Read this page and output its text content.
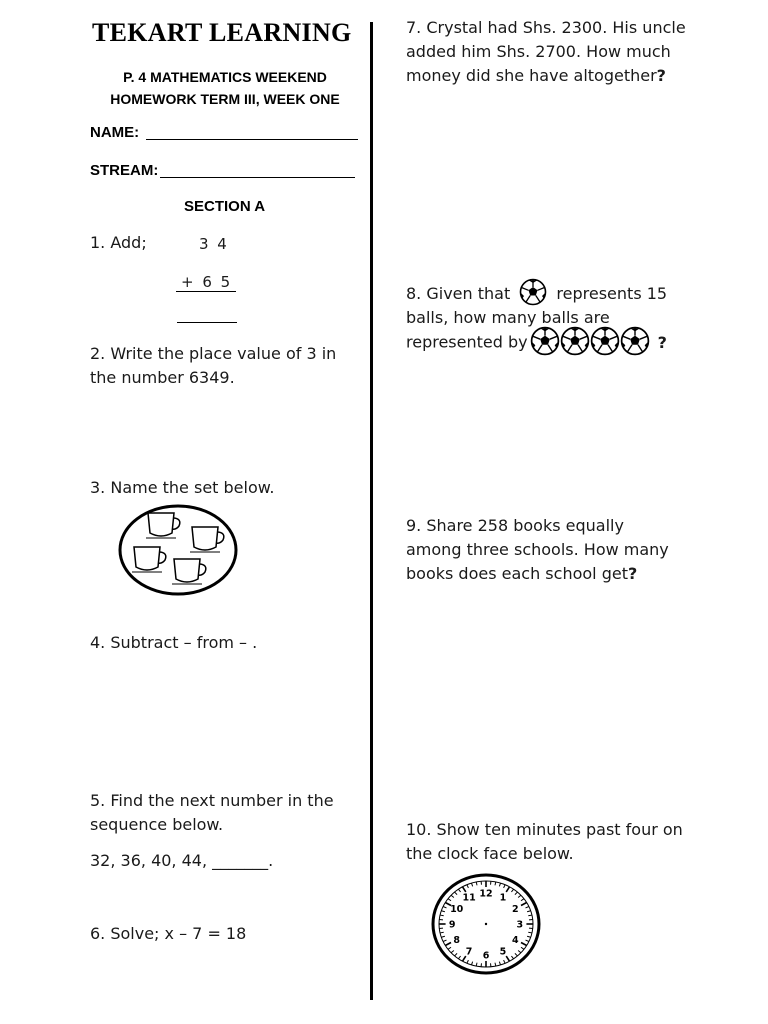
TEKART LEARNING
P. 4 MATHEMATICS WEEKEND
HOMEWORK TERM III, WEEK ONE
NAME:
STREAM:
SECTION A
1. Add;	3 4
+ 6 5
2. Write the place value of 3 in
the number 6349.
3. Name the set below.
4. Subtract – from – .
5. Find the next number in the
sequence below.
32, 36, 40, 44, _______.
6. Solve; x – 7 = 18
7. Crystal had Shs. 2300. His uncle
added him Shs. 2700. How much
money did she have altogether?
8. Given that	represents 15
balls, how many balls are
represented by	?
9. Share 258 books equally
among three schools. How many
books does each school get?
10. Show ten minutes past four on
the clock face below.
12 1
2
3
4
5
6
7
8
9
10
11
